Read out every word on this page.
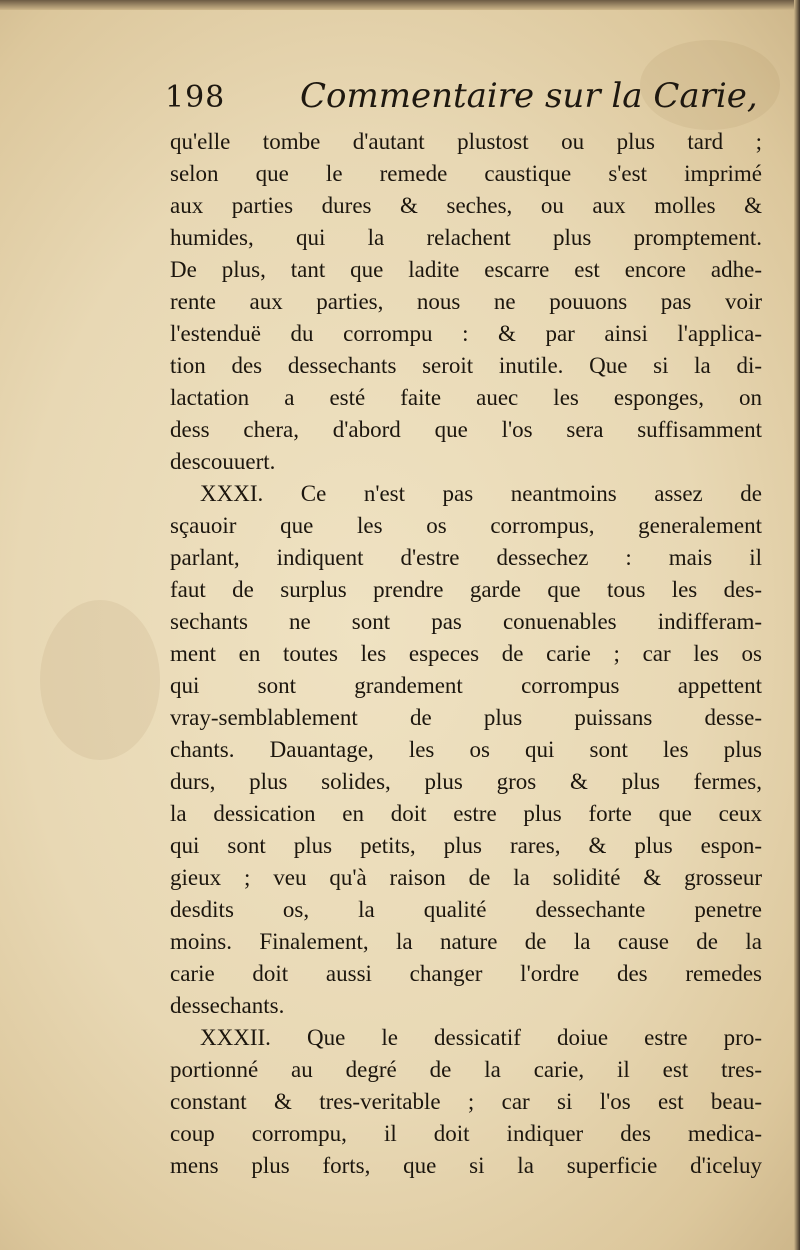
198 Commentaire sur la Carie,
qu'elle tombe d'autant plustost ou plus tard ;
selon que le remede caustique s'est imprimé
aux parties dures & seches, ou aux molles &
humides, qui la relachent plus promptement.
De plus, tant que ladite escarre est encore adhe-
rente aux parties, nous ne pouuons pas voir
l'estenduë du corrompu : & par ainsi l'applica-
tion des dessechants seroit inutile. Que si la di-
lactation a esté faite auec les esponges, on
dess chera, d'abord que l'os sera suffisamment
descouuert.
XXXI. Ce n'est pas neantmoins assez de
sçauoir que les os corrompus, generalement
parlant, indiquent d'estre dessechez : mais il
faut de surplus prendre garde que tous les des-
sechants ne sont pas conuenables indifferam-
ment en toutes les especes de carie ; car les os
qui sont grandement corrompus appettent
vray-semblablement de plus puissans desse-
chants. Dauantage, les os qui sont les plus
durs, plus solides, plus gros & plus fermes,
la dessication en doit estre plus forte que ceux
qui sont plus petits, plus rares, & plus espon-
gieux ; veu qu'à raison de la solidité & grosseur
desdits os, la qualité dessechante penetre
moins. Finalement, la nature de la cause de la
carie doit aussi changer l'ordre des remedes
dessechants.
XXXII. Que le dessicatif doiue estre pro-
portionné au degré de la carie, il est tres-
constant & tres-veritable ; car si l'os est beau-
coup corrompu, il doit indiquer des medica-
mens plus forts, que si la superficie d'iceluy
